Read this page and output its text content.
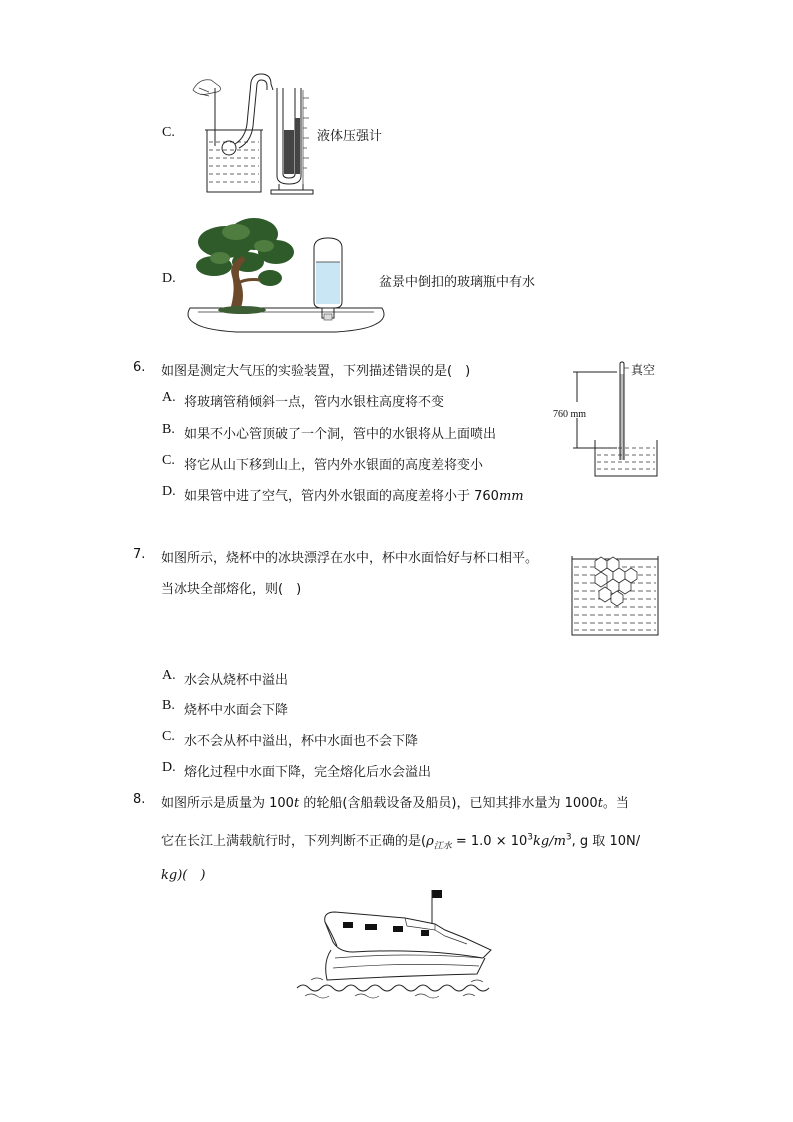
C.	液体压强计
D.	盆景中倒扣的玻璃瓶中有水
6. 如图是测定大气压的实验装置，下列描述错误的是(　)
A. 将玻璃管稍倾斜一点，管内水银柱高度将不变
B. 如果不小心管顶破了一个洞，管中的水银将从上面喷出
C. 将它从山下移到山上，管内外水银面的高度差将变小
D. 如果管中进了空气，管内外水银面的高度差将小于 760mm
真空
760 mm
7. 如图所示，烧杯中的冰块漂浮在水中，杯中水面恰好与杯口相平。
当冰块全部熔化，则(　)
A. 水会从烧杯中溢出
B. 烧杯中水面会下降
C. 水不会从杯中溢出，杯中水面也不会下降
D. 熔化过程中水面下降，完全熔化后水会溢出
8. 如图所示是质量为 100t 的轮船(含船载设备及船员)，已知其排水量为 1000t。当
它在长江上满载航行时，下列判断不正确的是($\rho_{江水} = 1.0 \times 10^3kg/m^3$, g 取 10N/
kg)(　)
